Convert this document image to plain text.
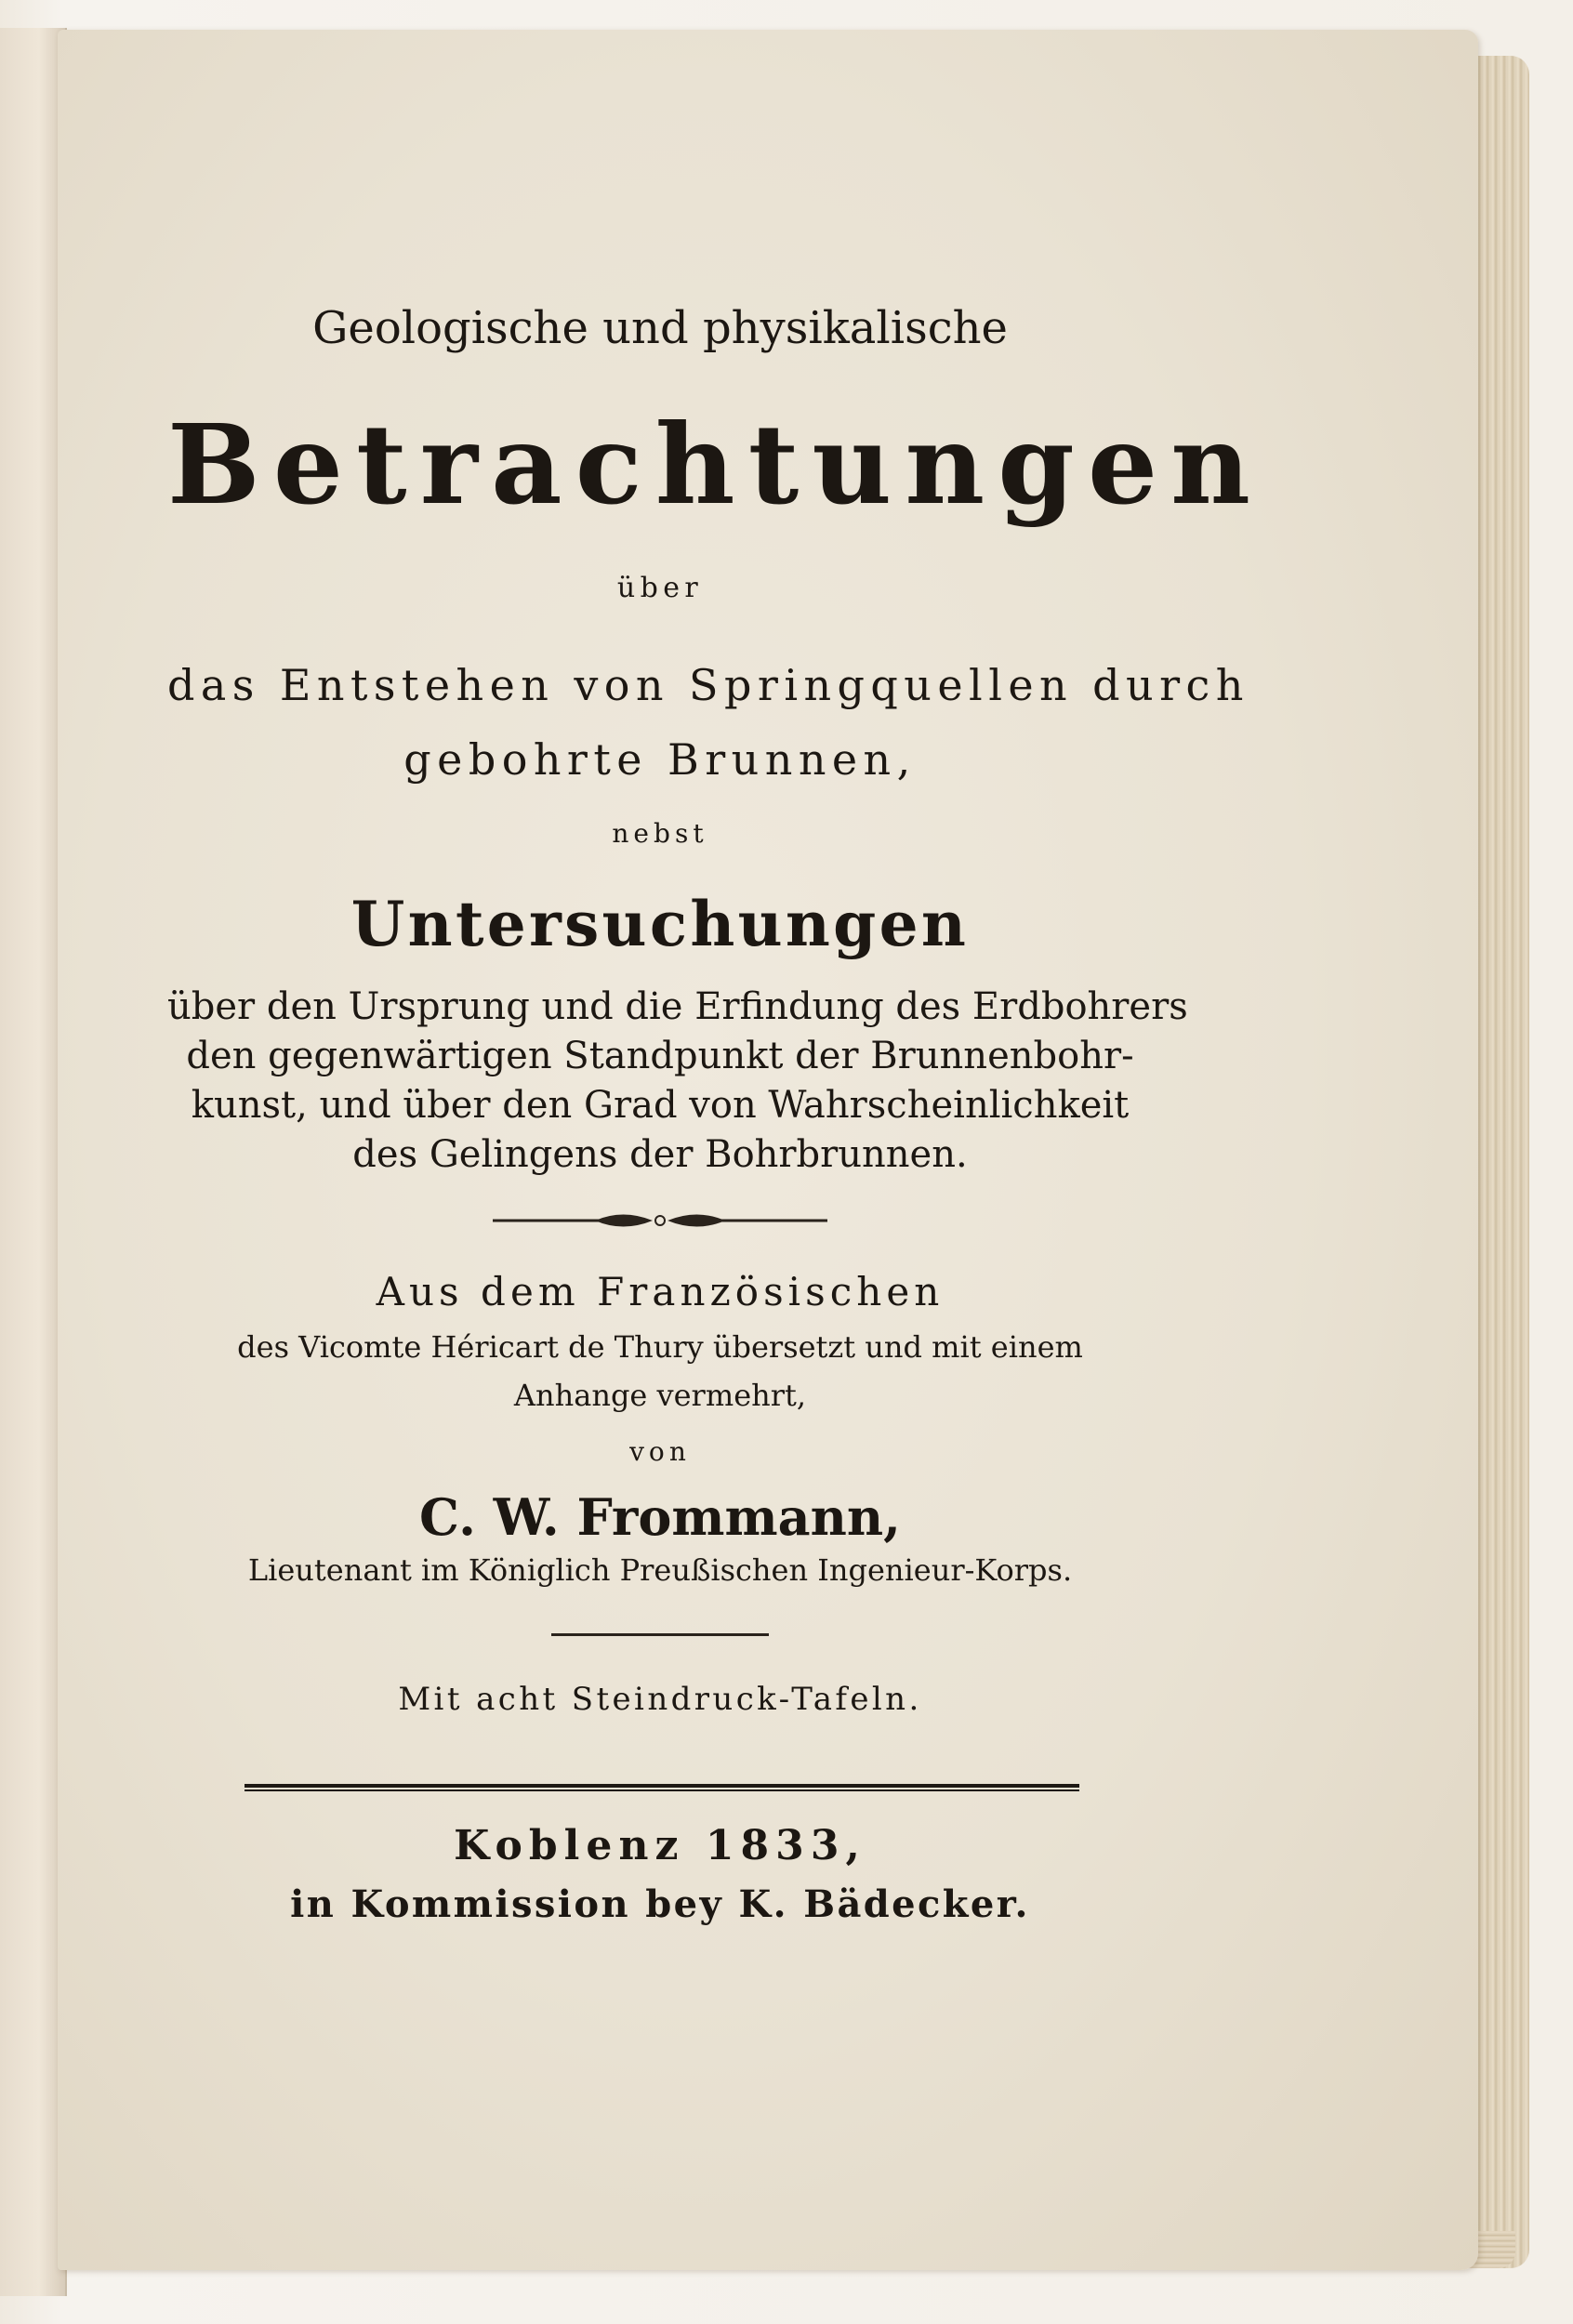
Geologische und physikalische
Betrachtungen
über
das Entstehen von Springquellen durch
gebohrte Brunnen,
nebst
Untersuchungen
über den Ursprung und die Erfindung des Erdbohrers
den gegenwärtigen Standpunkt der Brunnenbohr-
kunst, und über den Grad von Wahrscheinlichkeit
des Gelingens der Bohrbrunnen.
Aus dem Französischen
des Vicomte Héricart de Thury übersetzt und mit einem
Anhange vermehrt,
von
C. W. Frommann,
Lieutenant im Königlich Preußischen Ingenieur-Korps.
Mit acht Steindruck-Tafeln.
Koblenz 1833,
in Kommission bey K. Bädecker.
